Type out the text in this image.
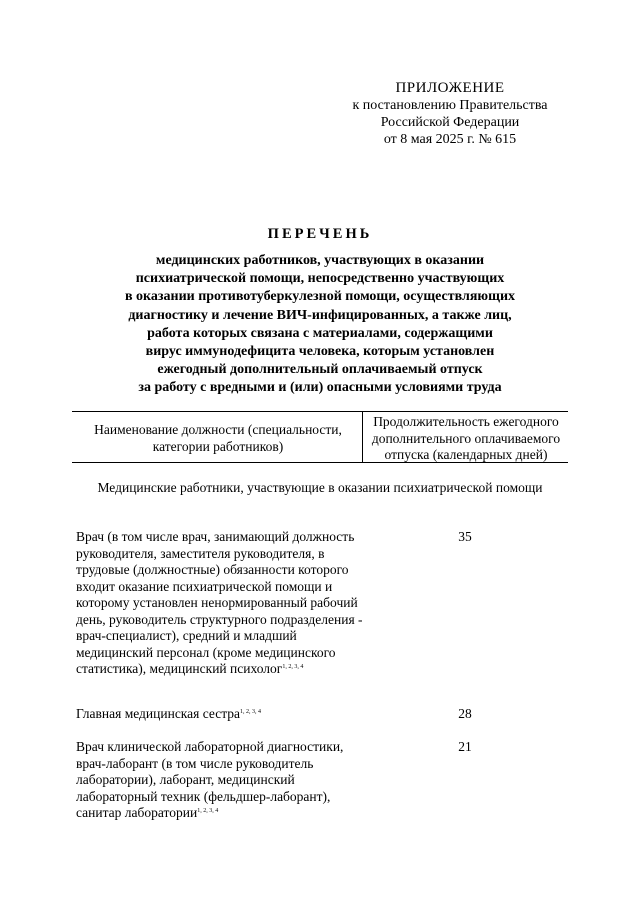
ПРИЛОЖЕНИЕ
к постановлению Правительства
Российской Федерации
от 8 мая 2025 г. № 615
ПЕРЕЧЕНЬ
медицинских работников, участвующих в оказании
психиатрической помощи, непосредственно участвующих
в оказании противотуберкулезной помощи, осуществляющих
диагностику и лечение ВИЧ-инфицированных, а также лиц,
работа которых связана с материалами, содержащими
вирус иммунодефицита человека, которым установлен
ежегодный дополнительный оплачиваемый отпуск
за работу с вредными и (или) опасными условиями труда
Наименование должности (специальности, категории работников)
Продолжительность ежегодного дополнительного оплачиваемого отпуска (календарных дней)
Медицинские работники, участвующие в оказании психиатрической помощи
Врач (в том числе врач, занимающий должность руководителя, заместителя руководителя, в трудовые (должностные) обязанности которого входит оказание психиатрической помощи и которому установлен ненормированный рабочий день, руководитель структурного подразделения - врач-специалист), средний и младший медицинский персонал (кроме медицинского статистика), медицинский психолог$^{1, 2, 3, 4}$
35
Главная медицинская сестра$^{1, 2, 3, 4}$	28
Врач клинической лабораторной диагностики, врач-лаборант (в том числе руководитель лаборатории), лаборант, медицинский лабораторный техник (фельдшер-лаборант), санитар лаборатории$^{1, 2, 3, 4}$
21
